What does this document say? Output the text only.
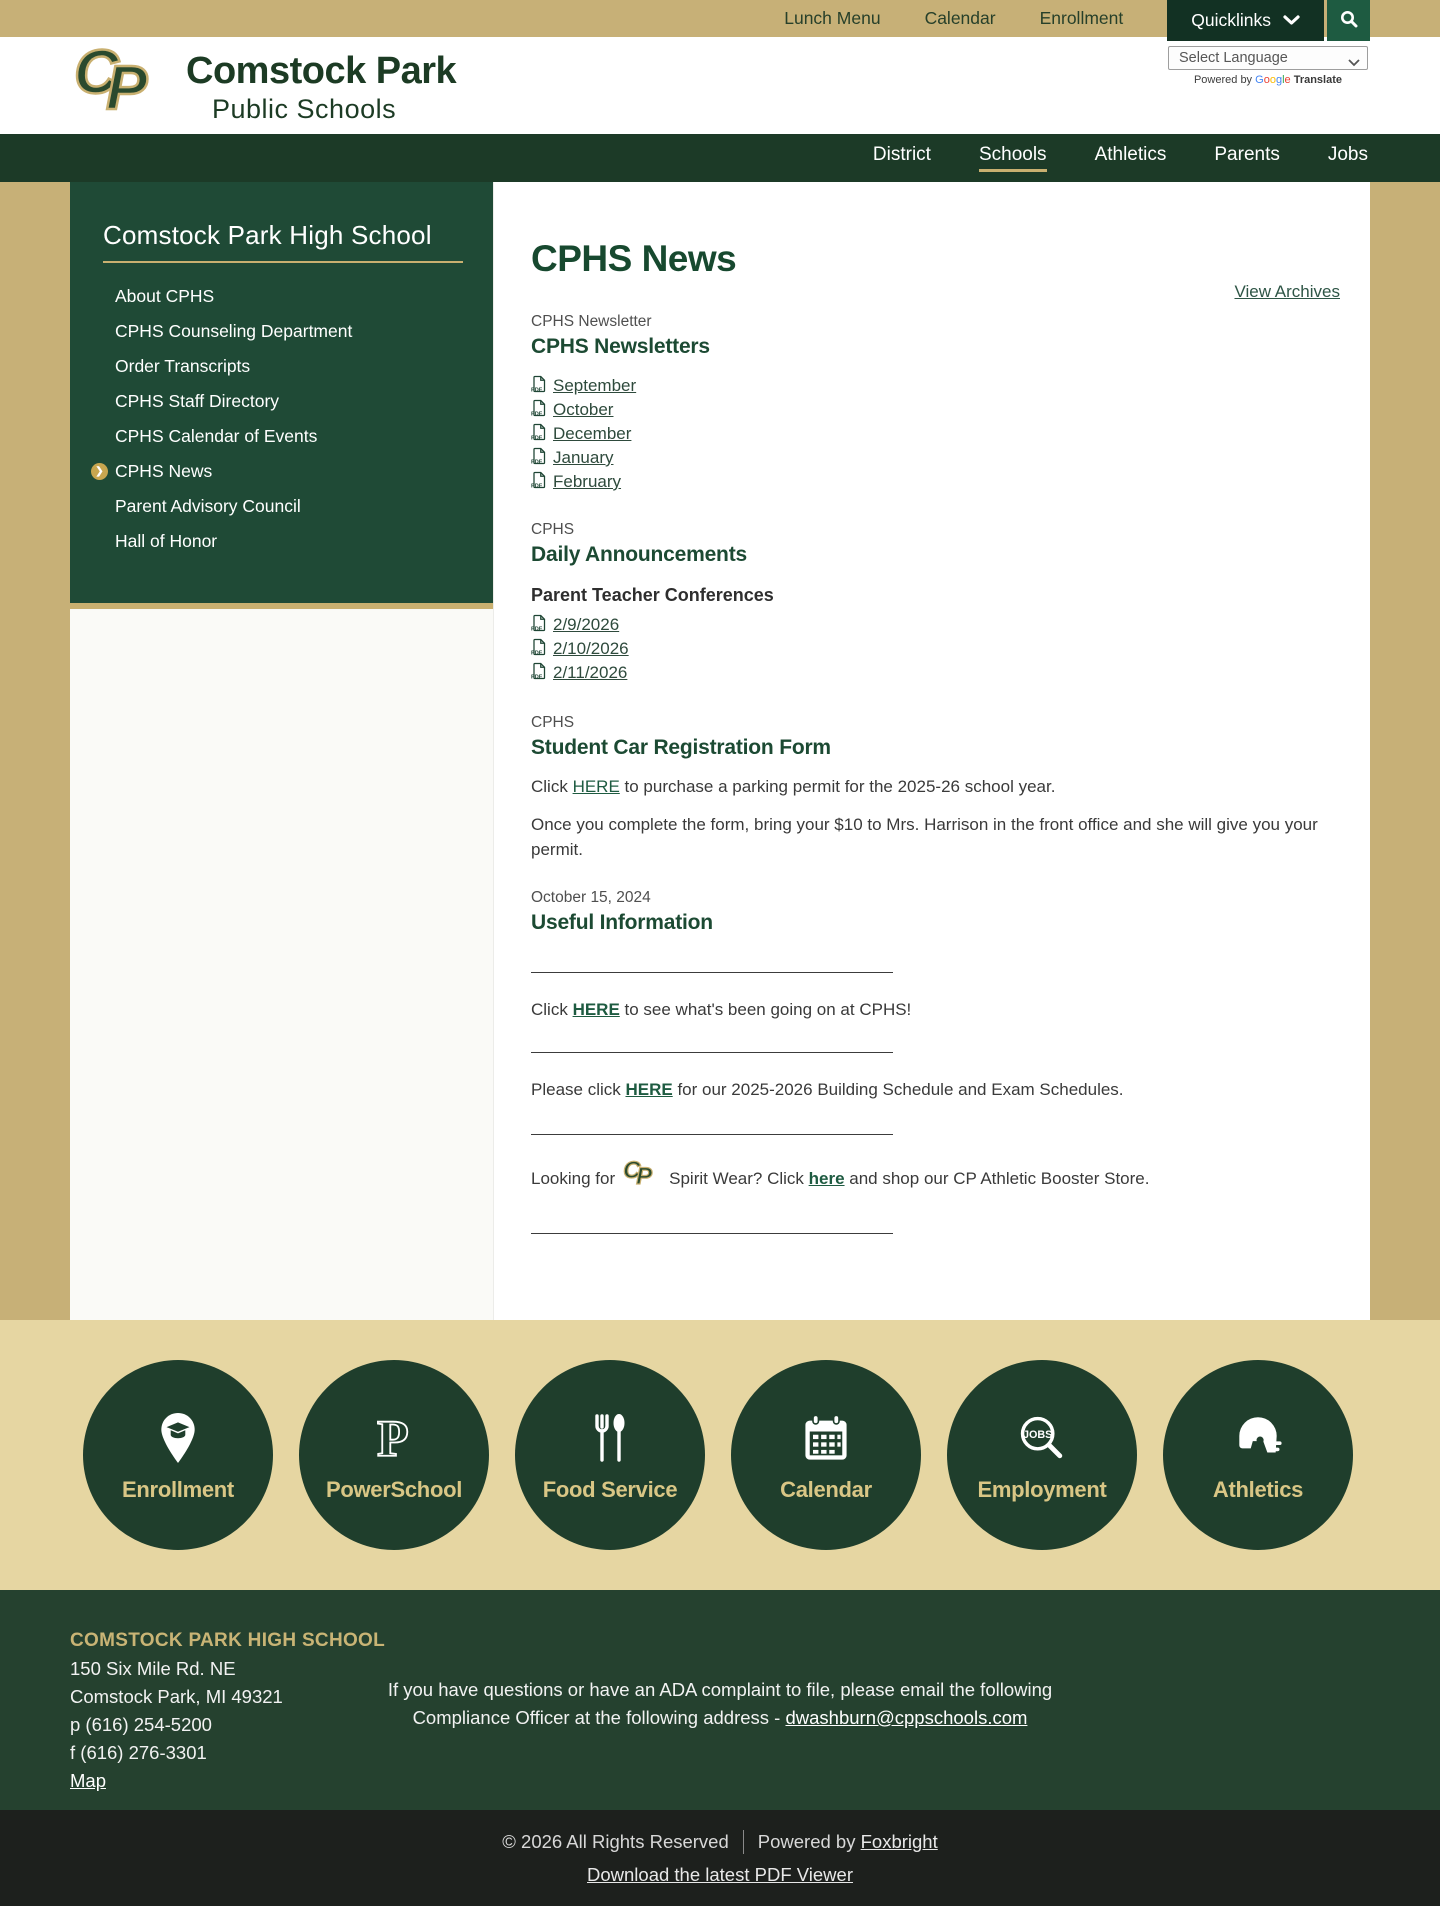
Lunch Menu	Calendar	Enrollment	Quicklinks
C
P Comstock Park
Public Schools
Select Language
Powered by Google Translate
District	Schools	Athletics	Parents	Jobs
Comstock Park High School
About CPHS
CPHS Counseling Department
Order Transcripts
CPHS Staff Directory
CPHS Calendar of Events
❯ CPHS News
Parent Advisory Council
Hall of Honor
CPHS News
View Archives
CPHS Newsletter
CPHS Newsletters
PDF September
PDF October
PDF December
PDF January
PDF February
CPHS
Daily Announcements
Parent Teacher Conferences
PDF 2/9/2026
PDF 2/10/2026
PDF 2/11/2026
CPHS
Student Car Registration Form

Click HERE to purchase a parking permit for the 2025-26 school year.

Once you complete the form, bring your $10 to Mrs. Harrison in the front office and she will give you your permit.

October 15, 2024
Useful Information
Click HERE to see what's been going on at CPHS!
Please click HERE for our 2025-2026 Building Schedule and Exam Schedules.
Looking for C
P Spirit Wear? Click here and shop our CP Athletic Booster Store.
Enrollment
P
PowerSchool	Food Service	Calendar
JOBS
Employment	Athletics
COMSTOCK PARK HIGH SCHOOL
150 Six Mile Rd. NE
Comstock Park, MI 49321
p (616) 254-5200
f (616) 276-3301
Map
If you have questions or have an ADA complaint to file, please email the following
Compliance Officer at the following address - dwashburn@cppschools.com
© 2026 All Rights Reserved Powered by Foxbright
Download the latest PDF Viewer
